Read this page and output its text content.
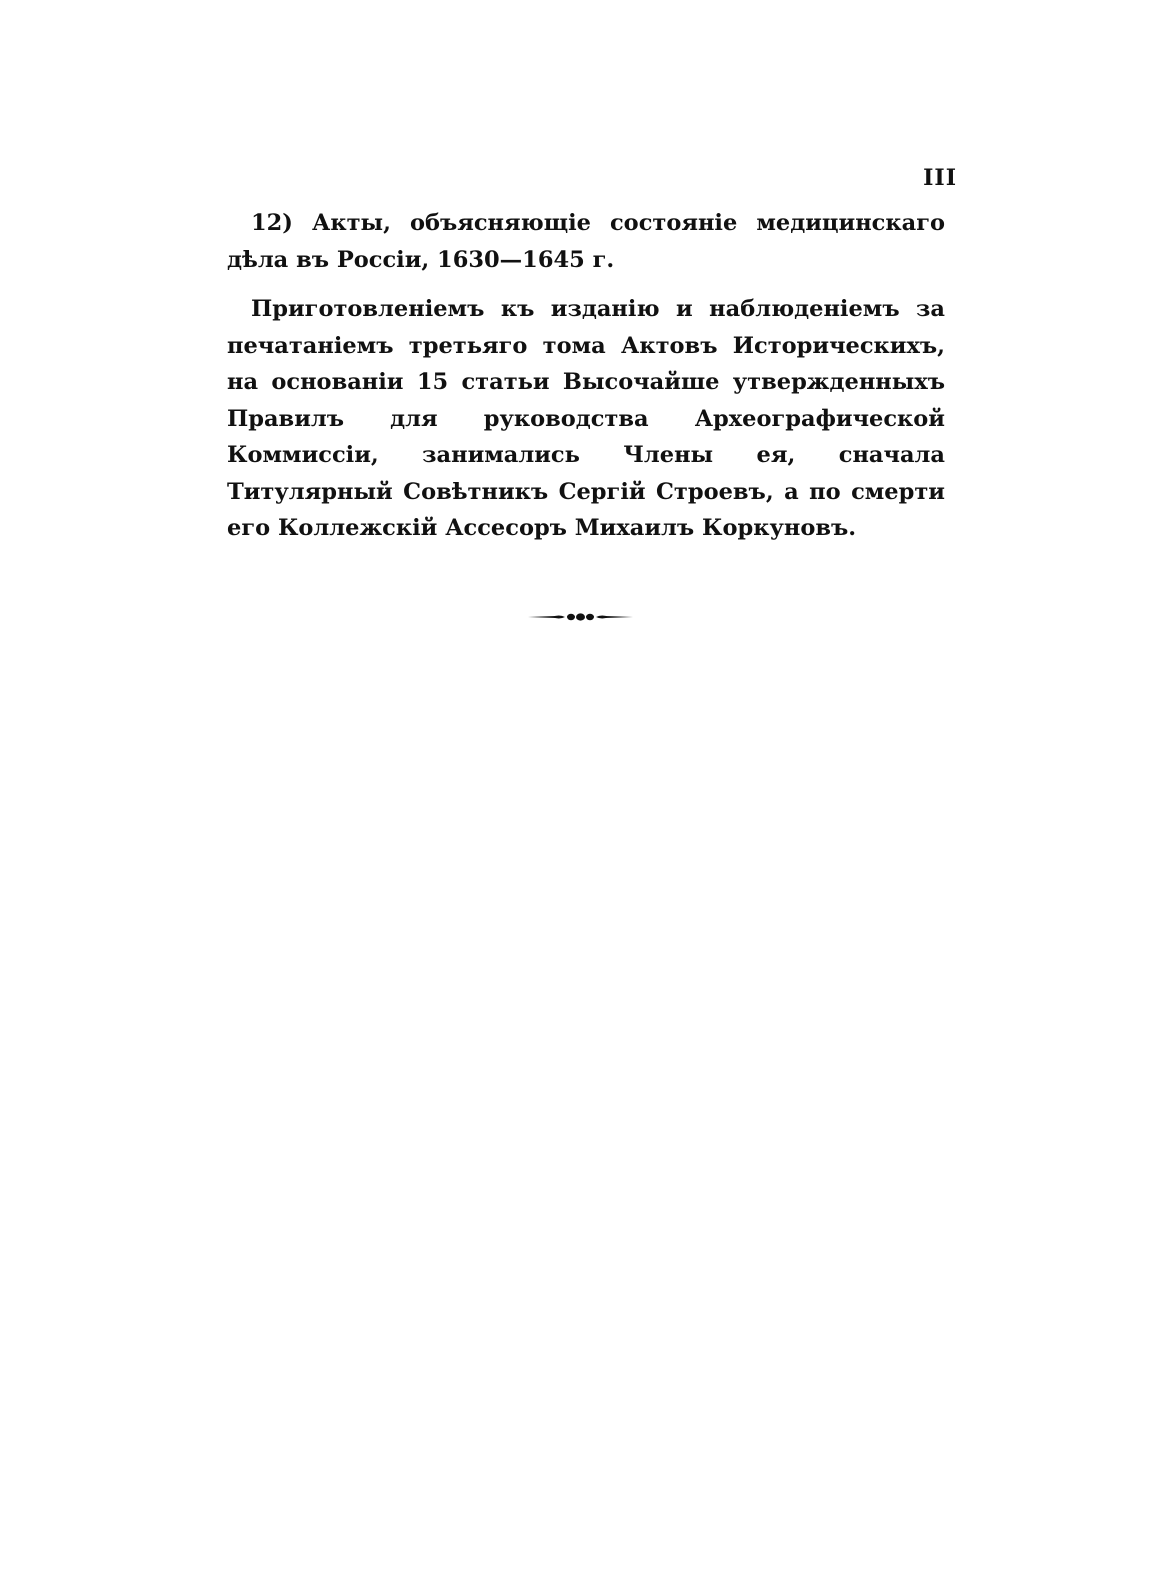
III

12) Акты, объясняющіе состояніе медицинскаго дѣла въ Россіи, 1630—1645 г.

Приготовленіемъ къ изданію и наблюденіемъ за печатаніемъ третьяго тома Актовъ Историческихъ, на основаніи 15 статьи Высочайше утвержденныхъ Правилъ для руководства Археографической Коммиссіи, занимались Члены ея, сначала Титулярный Совѣтникъ Сергій Строевъ, а по смерти его Коллежскій Ассесоръ Михаилъ Коркуновъ.
